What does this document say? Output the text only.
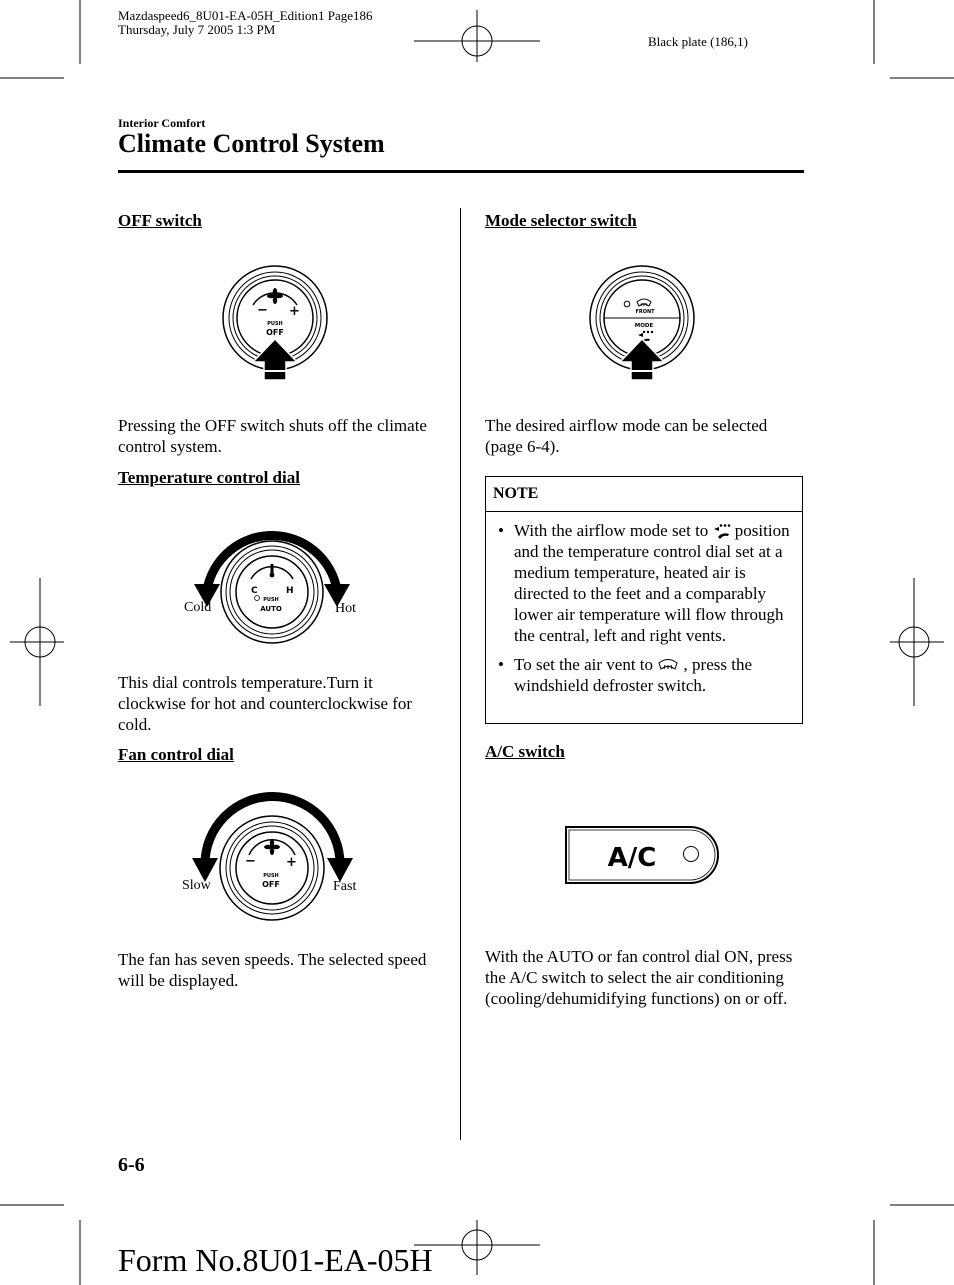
Mazdaspeed6_8U01-EA-05H_Edition1 Page186
Thursday, July 7 2005 1:3 PM
Black plate (186,1)
Interior Comfort
Climate Control System
OFF switch
− +
PUSH
OFF
Pressing the OFF switch shuts off the climate control system.
Temperature control dial
C	H
PUSH
AUTO
Cold	Hot
This dial controls temperature.Turn it clockwise for hot and counterclockwise for cold.
Fan control dial
− +
PUSH
OFF
Slow	Fast
The fan has seven speeds. The selected speed will be displayed.
Mode selector switch
FRONT
MODE
The desired airflow mode can be selected (page 6-4).
NOTE
• With the airflow mode set to position and the temperature control dial set at a medium temperature, heated air is directed to the feet and a comparably lower air temperature will flow through the central, left and right vents.
• To set the air vent to , press the windshield defroster switch.
A/C switch
A/C
With the AUTO or fan control dial ON, press the A/C switch to select the air conditioning (cooling/dehumidifying functions) on or off.
6-6
Form No.8U01-EA-05H
